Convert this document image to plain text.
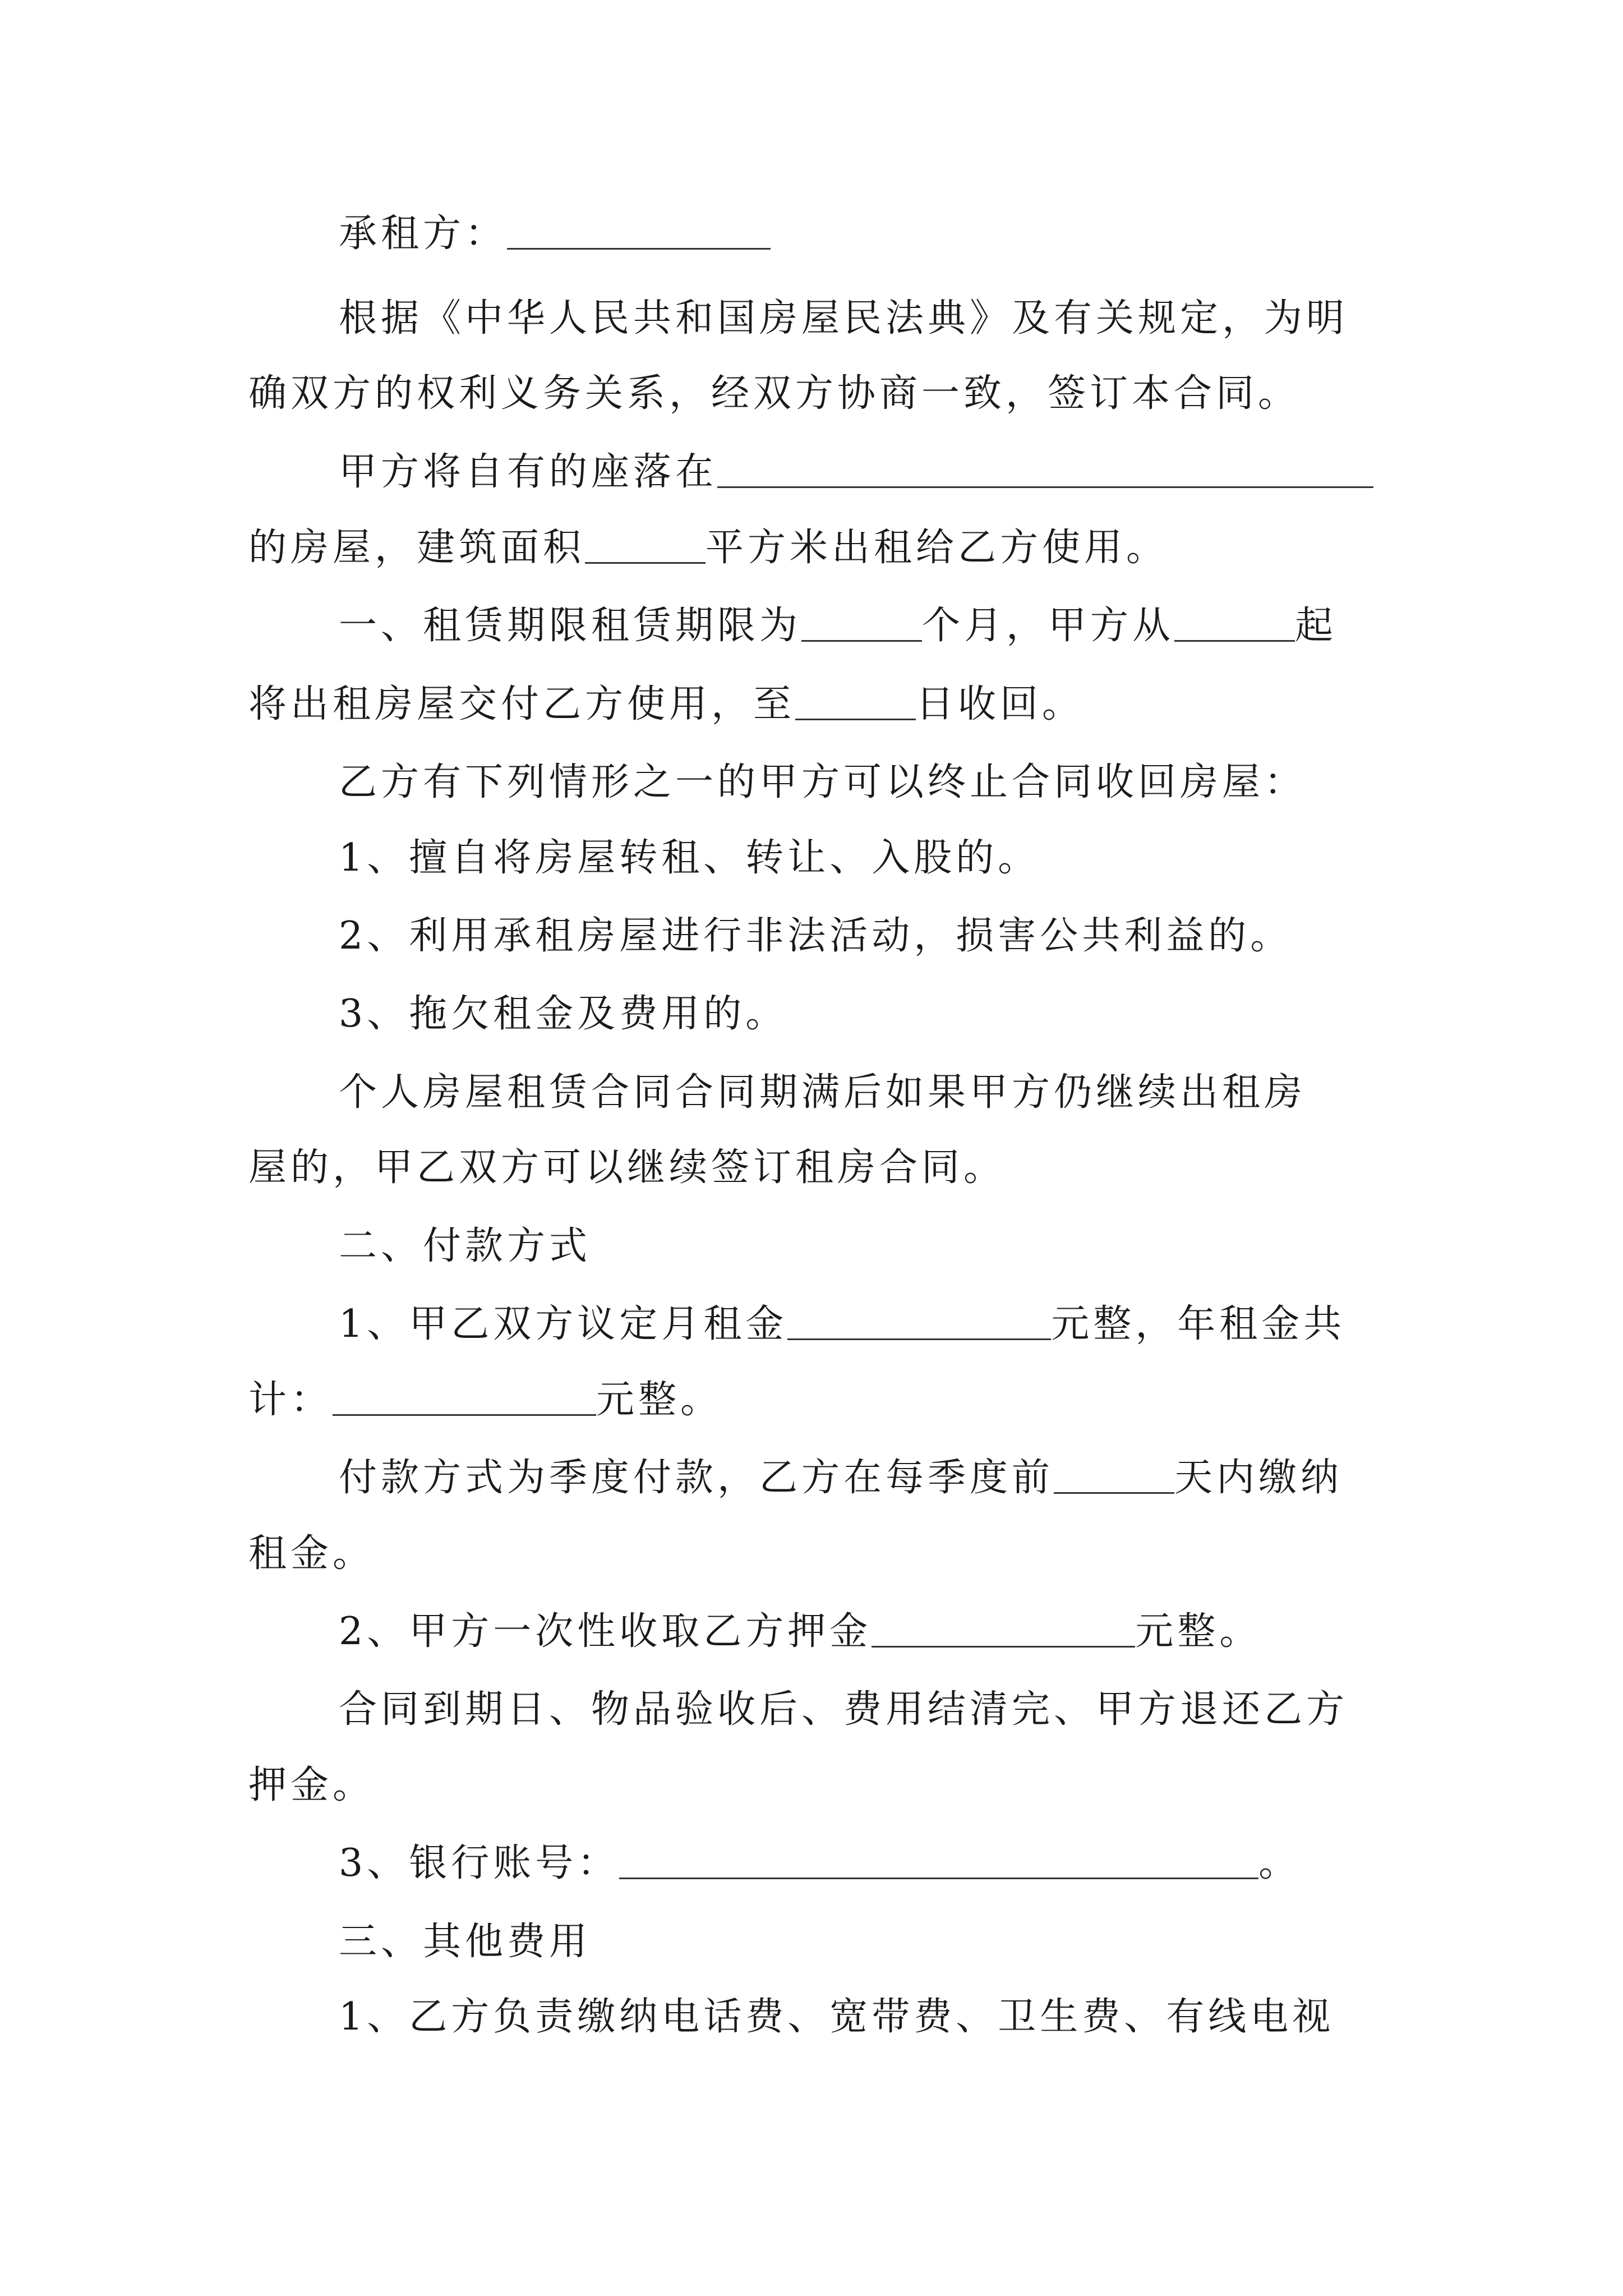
承租方：
根据《中华人民共和国房屋民法典》及有关规定，为明
确双方的权利义务关系，经双方协商一致，签订本合同。
甲方将自有的座落在
的房屋，建筑面积	平方米出租给乙方使用。
一、租赁期限租赁期限为	个月，甲方从	起
将出租房屋交付乙方使用，至	日收回。
乙方有下列情形之一的甲方可以终止合同收回房屋：
1、擅自将房屋转租、转让、入股的。
2、利用承租房屋进行非法活动，损害公共利益的。
3、拖欠租金及费用的。
个人房屋租赁合同合同期满后如果甲方仍继续出租房
屋的，甲乙双方可以继续签订租房合同。
二、付款方式
1、甲乙双方议定月租金	元整，年租金共
计：	元整。
付款方式为季度付款，乙方在每季度前	天内缴纳
租金。
2、甲方一次性收取乙方押金	元整。
合同到期日、物品验收后、费用结清完、甲方退还乙方
押金。
3、银行账号：	。
三、其他费用
1、乙方负责缴纳电话费、宽带费、卫生费、有线电视
